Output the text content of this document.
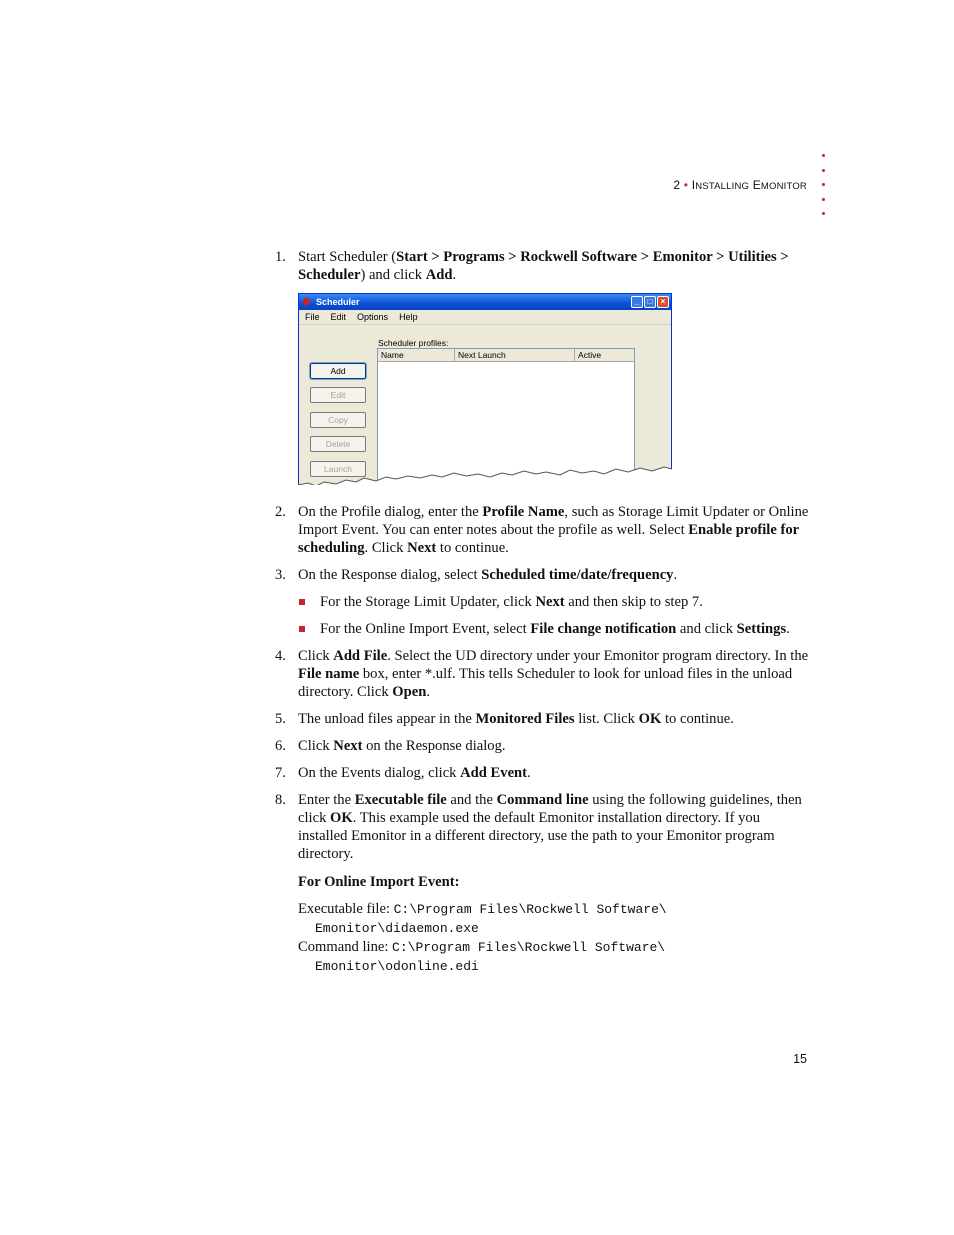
2 • INSTALLING EMONITOR
1. Start Scheduler (Start > Programs > Rockwell Software > Emonitor > Utilities > Scheduler) and click Add.
Scheduler	_	□	×
File Edit Options Help
Scheduler profiles:
Name	Next Launch	Active
Add
Edit
Copy
Delete
Launch
2. On the Profile dialog, enter the Profile Name, such as Storage Limit Updater or Online Import Event. You can enter notes about the profile as well. Select Enable profile for scheduling. Click Next to continue.
3. On the Response dialog, select Scheduled time/date/frequency.
For the Storage Limit Updater, click Next and then skip to step 7.
For the Online Import Event, select File change notification and click Settings.
4. Click Add File. Select the UD directory under your Emonitor program directory. In the File name box, enter *.ulf. This tells Scheduler to look for unload files in the unload directory. Click Open.
5. The unload files appear in the Monitored Files list. Click OK to continue.
6. Click Next on the Response dialog.
7. On the Events dialog, click Add Event.
8. Enter the Executable file and the Command line using the following guidelines, then click OK. This example used the default Emonitor installation directory. If you installed Emonitor in a different directory, use the path to your Emonitor program directory.
For Online Import Event:
Executable file: C:\Program Files\Rockwell Software\
Emonitor\didaemon.exe
Command line: C:\Program Files\Rockwell Software\
Emonitor\odonline.edi
15
